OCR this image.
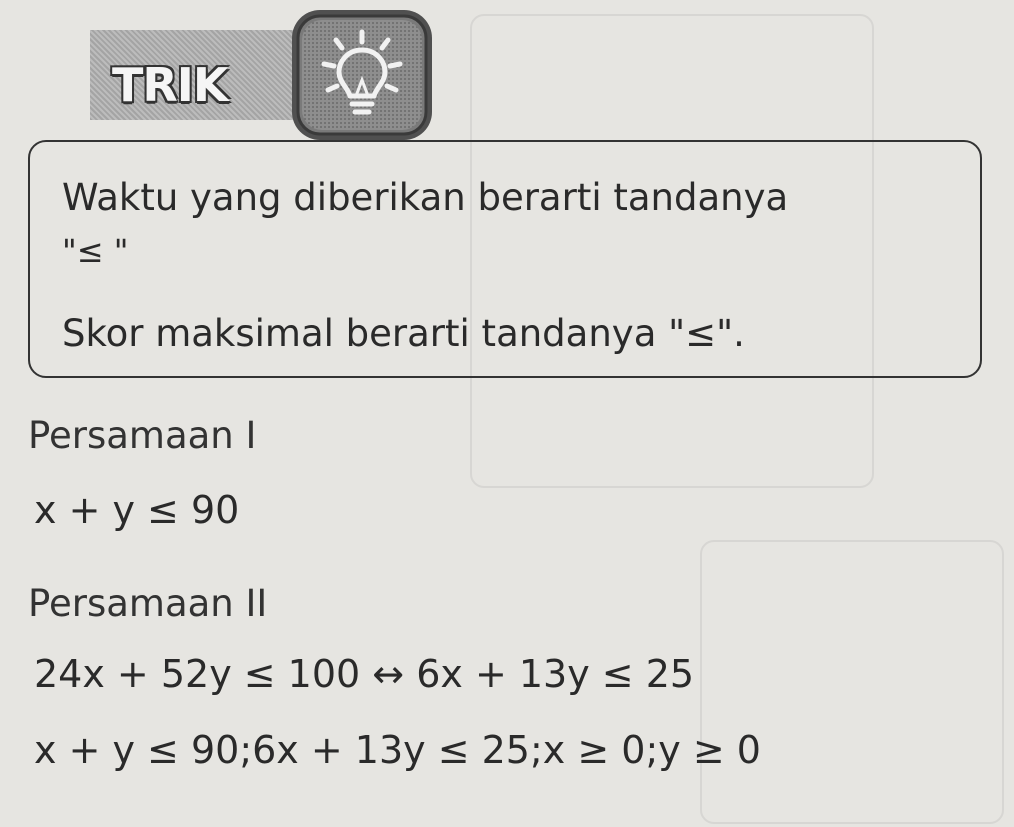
TRIK
Waktu yang diberikan berarti tandanya
"≤ "
Skor maksimal berarti tandanya "≤".
Persamaan I
x + y ≤ 90
Persamaan II
24x + 52y ≤ 100 ↔ 6x + 13y ≤ 25
x + y ≤ 90;6x + 13y ≤ 25;x ≥ 0;y ≥ 0
